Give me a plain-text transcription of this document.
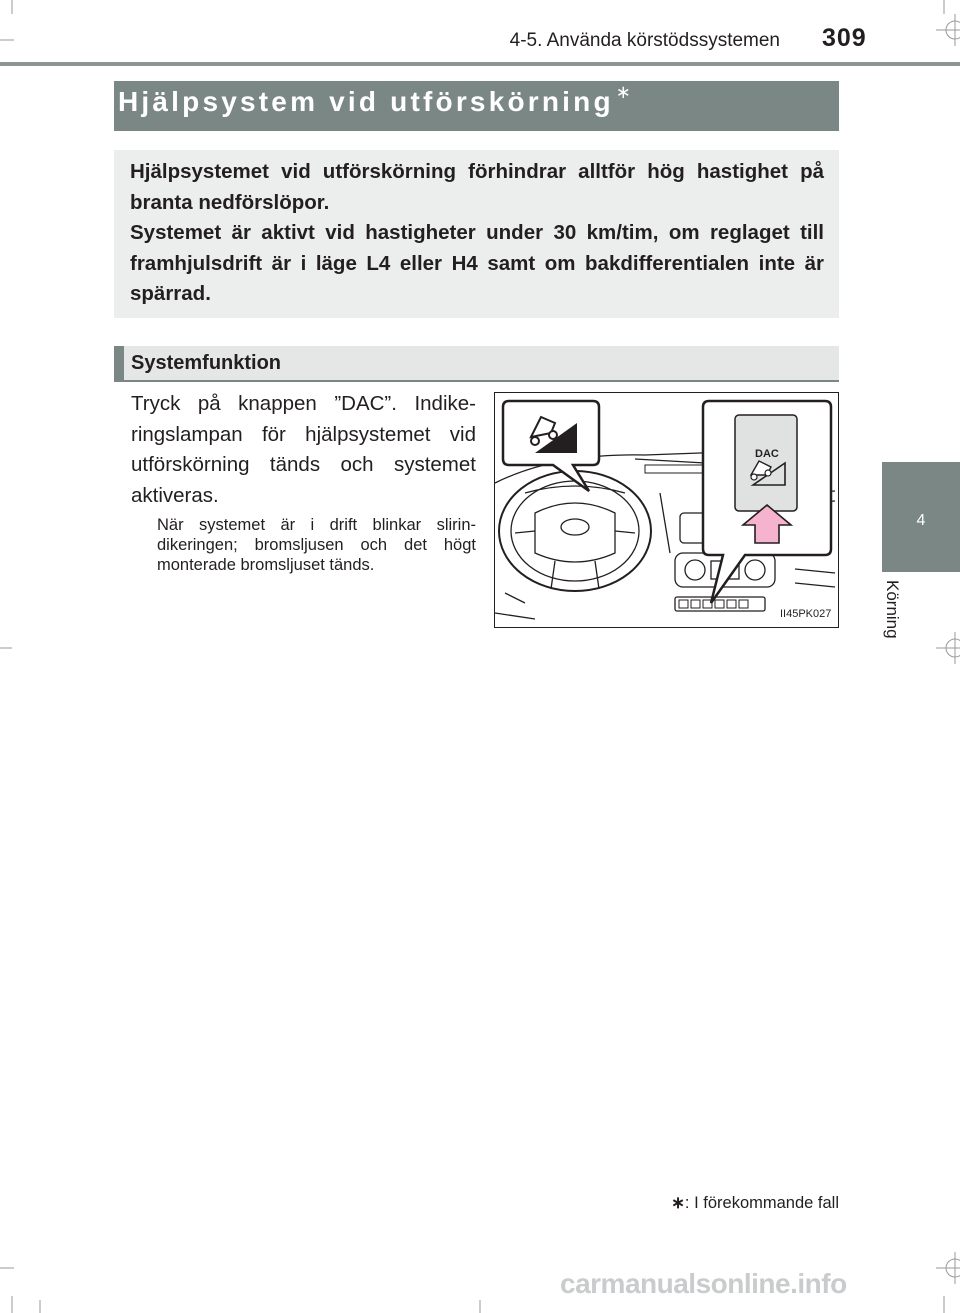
4-5. Använda körstödssystemen 309
4
Körning
Hjälpsystem vid utförskörning ∗
Hjälpsystemet vid utförskörning förhindrar alltför hög hastighet på branta nedförslöpor.
Systemet är aktivt vid hastigheter under 30 km/tim, om reglaget till framhjulsdrift är i läge L4 eller H4 samt om bakdifferentialen inte är spärrad.
Systemfunktion
Tryck på knappen ”DAC”. Indikeringslampan för hjälpsystemet vid utförskörning tänds och systemet aktiveras.
När systemet är i drift blinkar slirindikeringen; bromsljusen och det högt monterade bromsljuset tänds.
DAC
II45PK027
∗: I förekommande fall
carmanualsonline.info
